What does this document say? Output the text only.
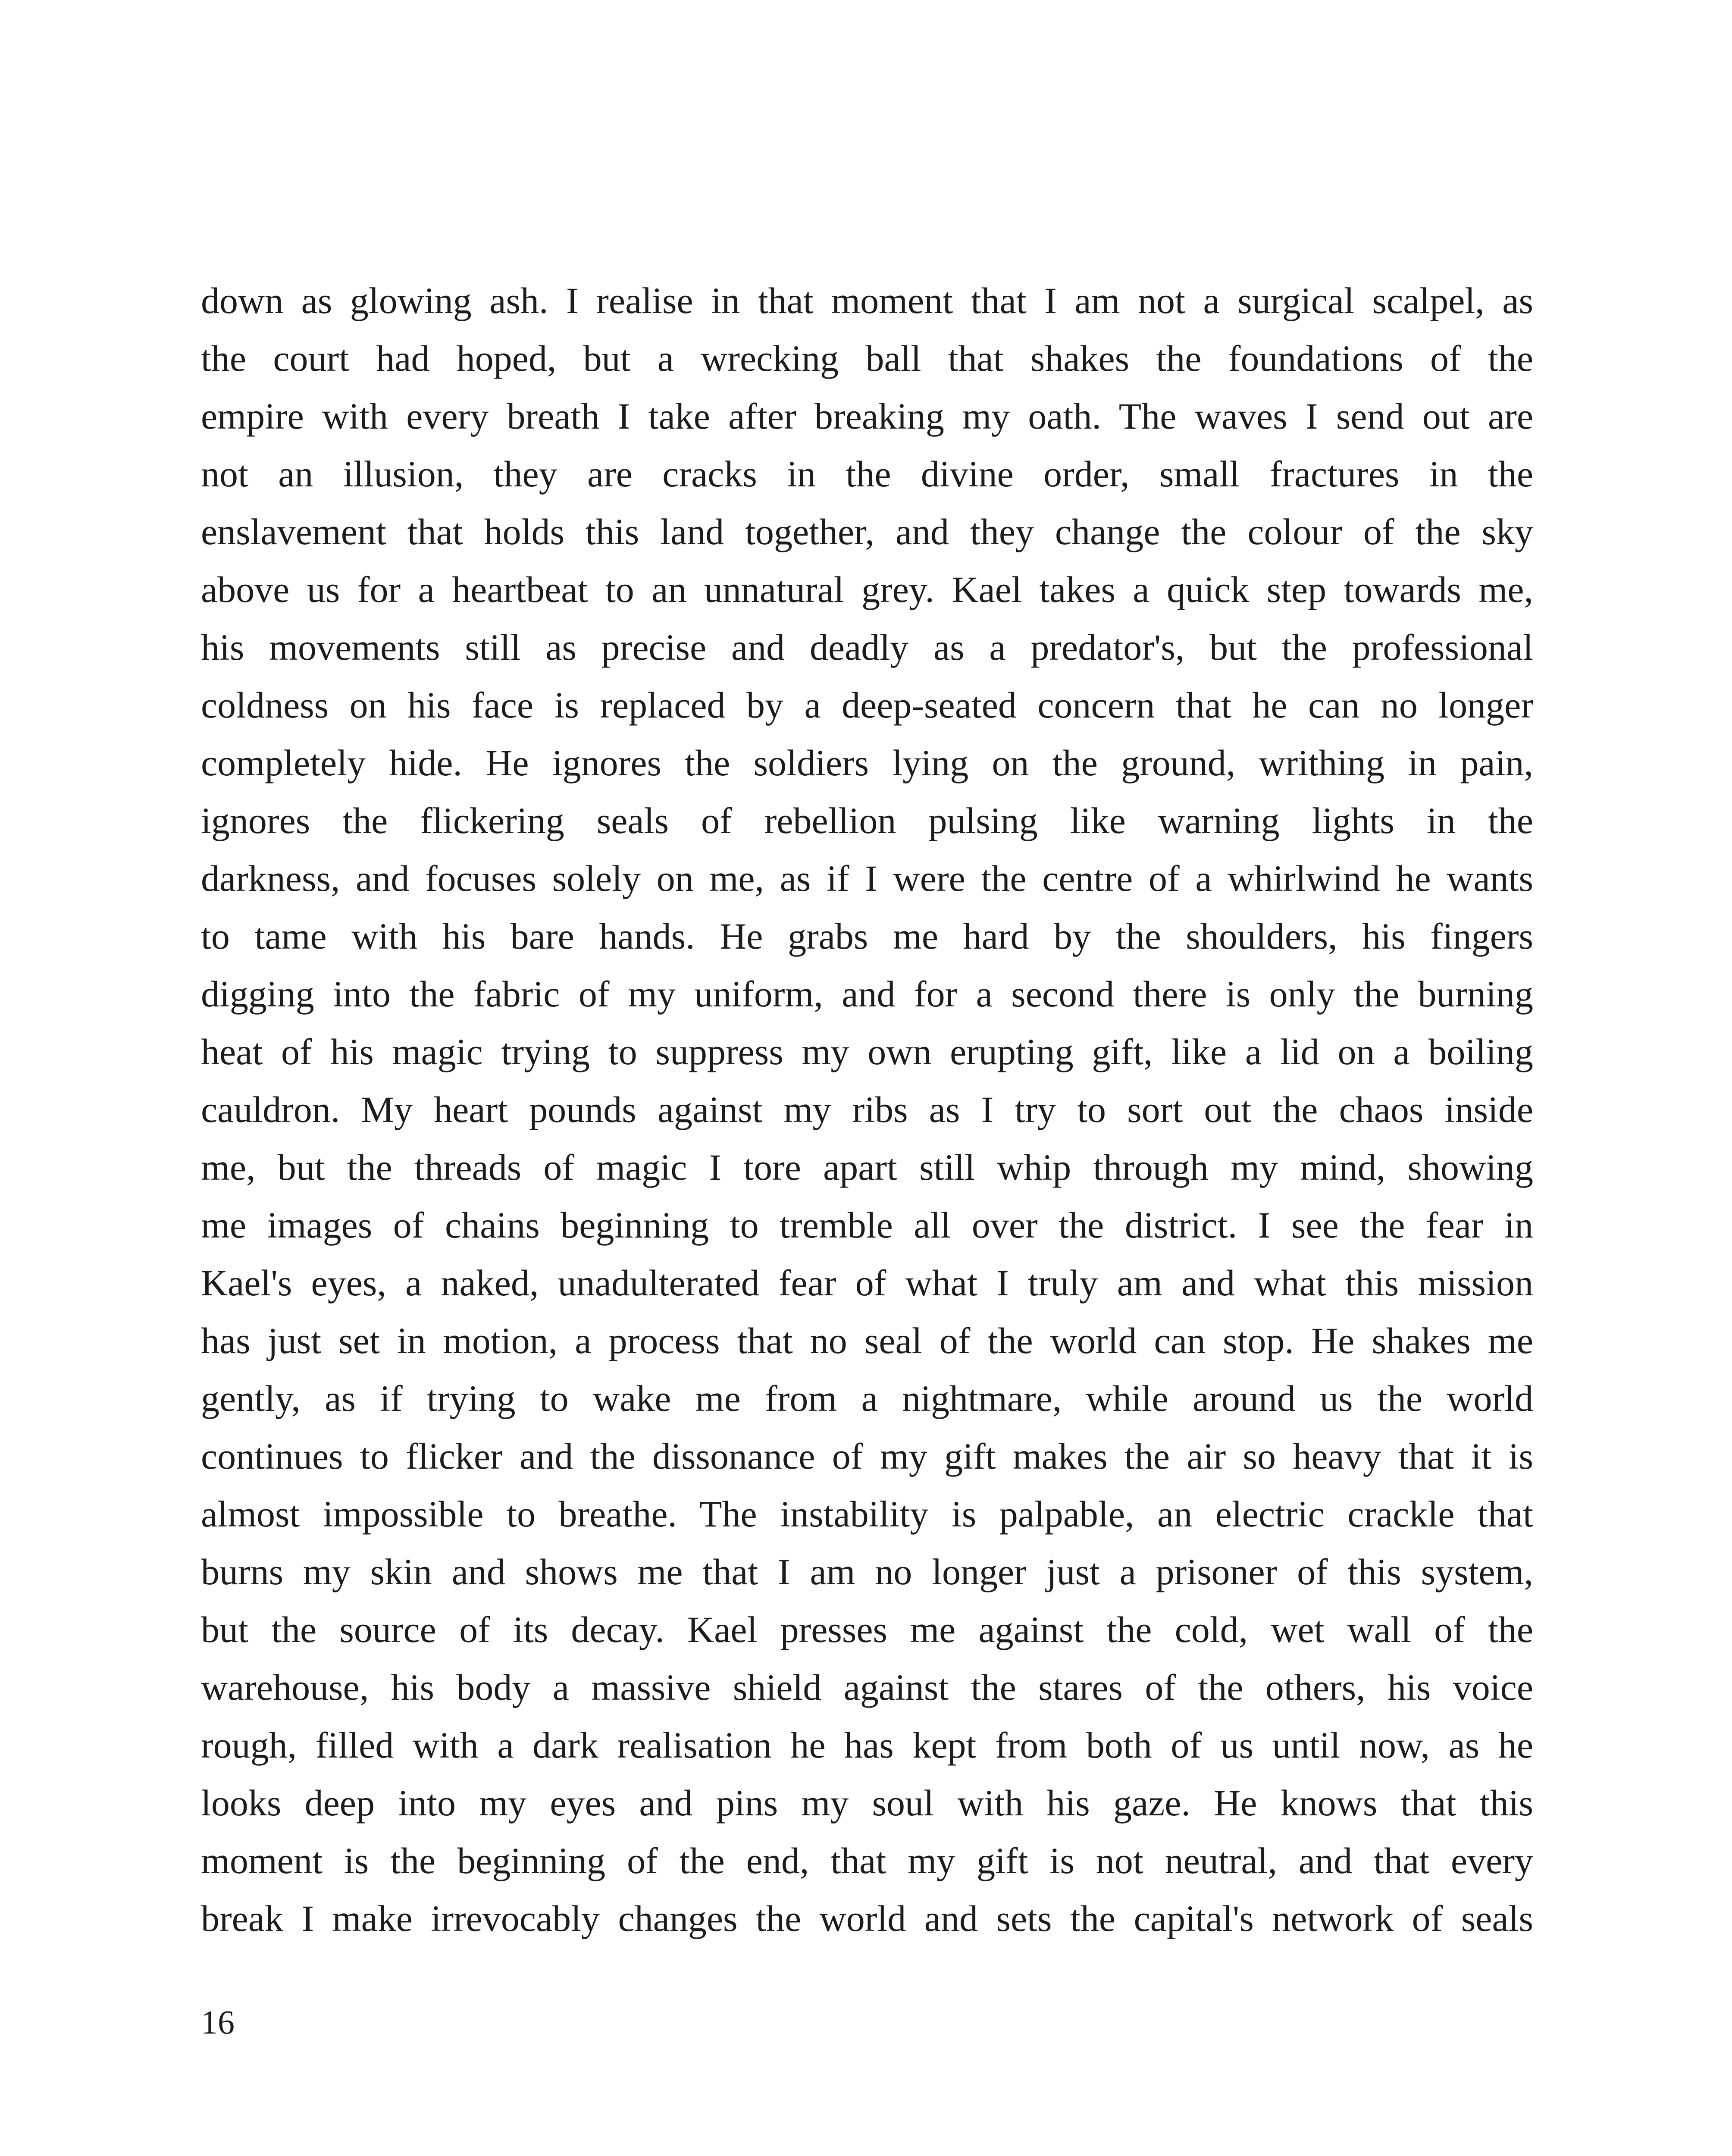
down as glowing ash. I realise in that moment that I am not a surgical scalpel, as
the court had hoped, but a wrecking ball that shakes the foundations of the
empire with every breath I take after breaking my oath. The waves I send out are
not an illusion, they are cracks in the divine order, small fractures in the
enslavement that holds this land together, and they change the colour of the sky
above us for a heartbeat to an unnatural grey. Kael takes a quick step towards me,
his movements still as precise and deadly as a predator's, but the professional
coldness on his face is replaced by a deep-seated concern that he can no longer
completely hide. He ignores the soldiers lying on the ground, writhing in pain,
ignores the flickering seals of rebellion pulsing like warning lights in the
darkness, and focuses solely on me, as if I were the centre of a whirlwind he wants
to tame with his bare hands. He grabs me hard by the shoulders, his fingers
digging into the fabric of my uniform, and for a second there is only the burning
heat of his magic trying to suppress my own erupting gift, like a lid on a boiling
cauldron. My heart pounds against my ribs as I try to sort out the chaos inside
me, but the threads of magic I tore apart still whip through my mind, showing
me images of chains beginning to tremble all over the district. I see the fear in
Kael's eyes, a naked, unadulterated fear of what I truly am and what this mission
has just set in motion, a process that no seal of the world can stop. He shakes me
gently, as if trying to wake me from a nightmare, while around us the world
continues to flicker and the dissonance of my gift makes the air so heavy that it is
almost impossible to breathe. The instability is palpable, an electric crackle that
burns my skin and shows me that I am no longer just a prisoner of this system,
but the source of its decay. Kael presses me against the cold, wet wall of the
warehouse, his body a massive shield against the stares of the others, his voice
rough, filled with a dark realisation he has kept from both of us until now, as he
looks deep into my eyes and pins my soul with his gaze. He knows that this
moment is the beginning of the end, that my gift is not neutral, and that every
break I make irrevocably changes the world and sets the capital's network of seals
16
